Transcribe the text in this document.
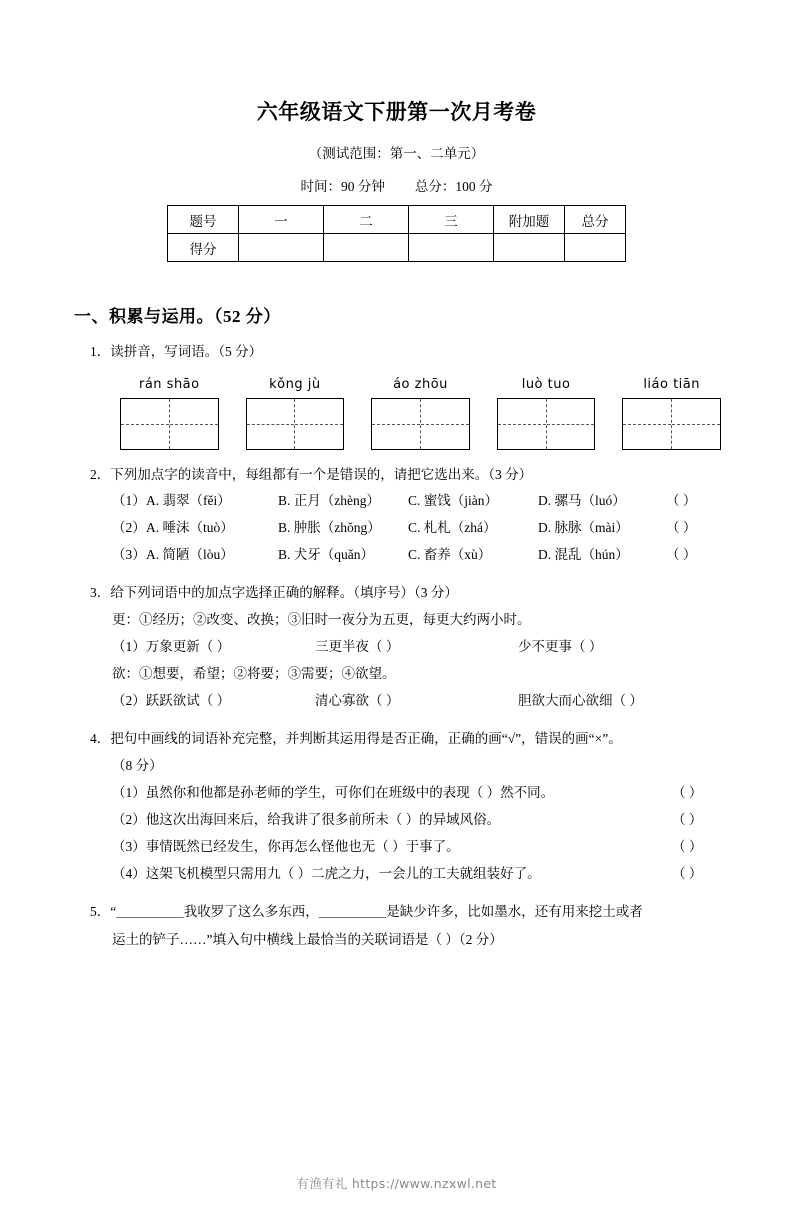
六年级语文下册第一次月考卷
（测试范围：第一、二单元）
时间：90 分钟 总分：100 分
题号	一	二	三	附加题	总分
得分					
一、积累与运用。（52 分）
1．读拼音，写词语。（5 分）
rán shāo	kǒng jù	áo zhōu	luò tuo	liáo tiān
2．下列加点字的读音中，每组都有一个是错误的，请把它选出来。（3 分）
（1） A. 翡翠（fěi）	B. 正月（zhèng）	C. 蜜饯（jiàn）	D. 骡马（luó）	（ ）
（2） A. 唾沫（tuò）	B. 肿胀（zhǒng）	C. 札札（zhá）	D. 脉脉（mài）	（ ）
（3） A. 简陋（lòu）	B. 犬牙（quǎn）	C. 畜养（xù）	D. 混乱（hún）	（ ）
3．给下列词语中的加点字选择正确的解释。（填序号）（3 分）
更：①经历；②改变、改换；③旧时一夜分为五更，每更大约两小时。
（1）万象更新（ ）	三更半夜（ ）	少不更事（ ）
欲：①想要，希望；②将要；③需要；④欲望。
（2）跃跃欲试（ ）	清心寡欲（ ）	胆欲大而心欲细（ ）
4．把句中画线的词语补充完整，并判断其运用得是否正确，正确的画“√”，错误的画“×”。
（8 分）
（1）虽然你和他都是孙老师的学生，可你们在班级中的表现（ ）然不同。	（ ）
（2）他这次出海回来后，给我讲了很多前所未（ ）的异域风俗。	（ ）
（3）事情既然已经发生，你再怎么怪他也无（ ）于事了。	（ ）
（4）这架飞机模型只需用九（ ）二虎之力，一会儿的工夫就组装好了。	（ ）
5．“＿＿＿＿＿我收罗了这么多东西，＿＿＿＿＿是缺少许多，比如墨水，还有用来挖土或者
运土的铲子……”填入句中横线上最恰当的关联词语是（ ）（2 分）
有渔有礼 https://www.nzxwl.net
